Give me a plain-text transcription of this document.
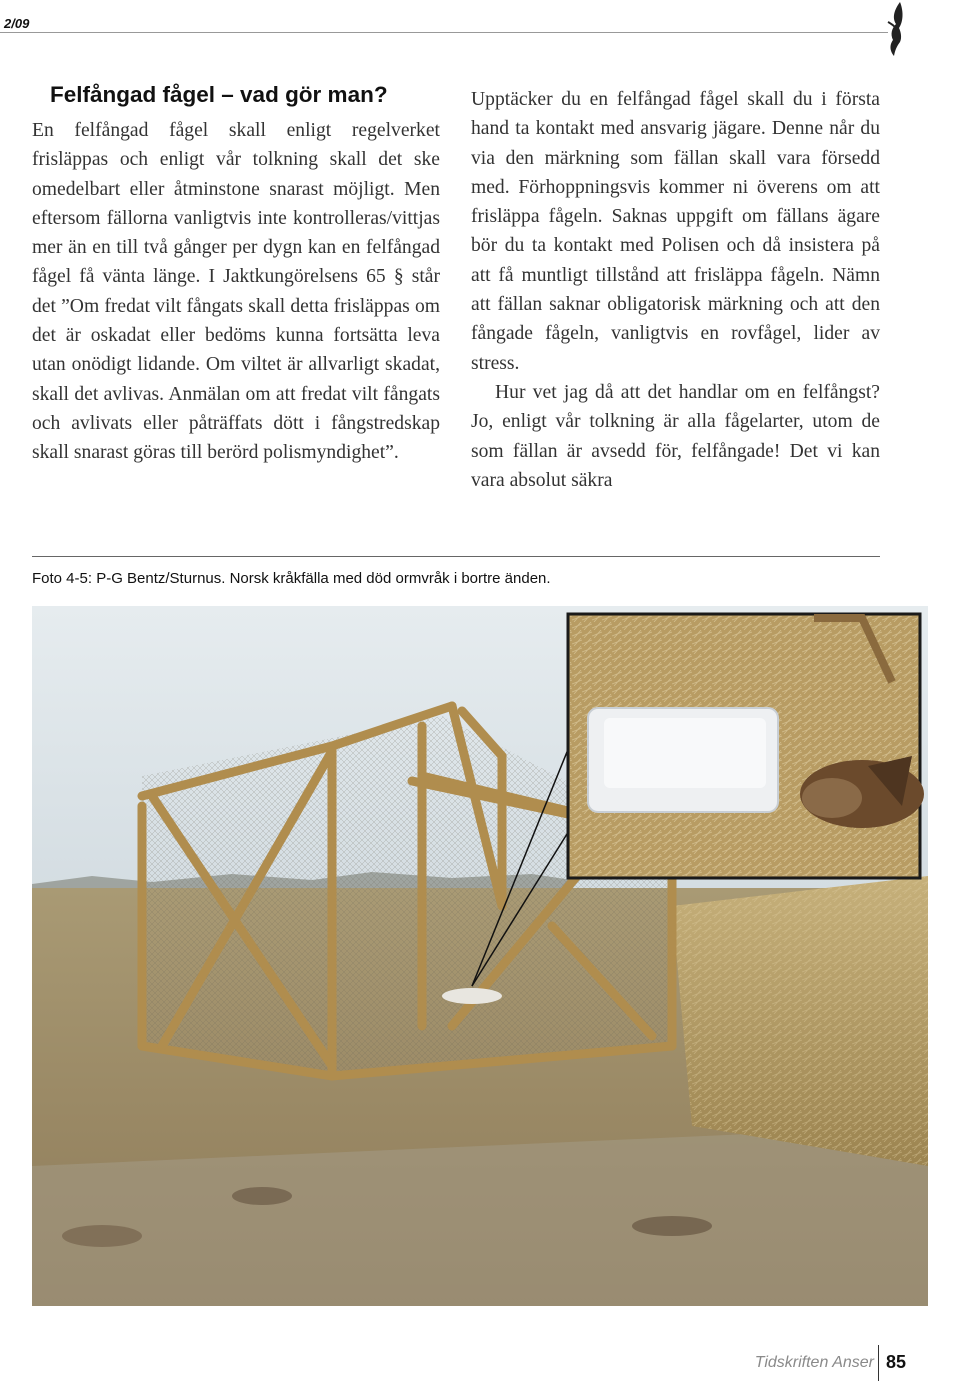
2/09
Felfångad fågel – vad gör man?

En felfångad fågel skall enligt regelverket frisläppas och enligt vår tolkning skall det ske omedelbart eller åtminstone snarast möjligt. Men eftersom fällorna vanligtvis inte kontrolleras/vittjas mer än en till två gånger per dygn kan en felfångad fågel få vänta länge. I Jaktkungörelsens 65 § står det ”Om fredat vilt fångats skall detta frisläppas om det är oskadat eller bedöms kunna fortsätta leva utan onödigt lidande. Om viltet är allvarligt skadat, skall det avlivas. Anmälan om att fredat vilt fångats och avlivats eller påträffats dött i fångstredskap skall snarast göras till berörd polismyndighet”.

Upptäcker du en felfångad fågel skall du i första hand ta kontakt med ansvarig jägare. Denne når du via den märkning som fällan skall vara försedd med. Förhoppningsvis kommer ni överens om att frisläppa fågeln. Saknas uppgift om fällans ägare bör du ta kontakt med Polisen och då insistera på att få muntligt tillstånd att frisläppa fågeln. Nämn att fällan saknar obligatorisk märkning och att den fångade fågeln, vanligtvis en rovfågel, lider av stress.

Hur vet jag då att det handlar om en felfångst? Jo, enligt vår tolkning är alla fågelarter, utom de som fällan är avsedd för, felfångade! Det vi kan vara absolut säkra

Foto 4-5: P-G Bentz/Sturnus. Norsk kråkfälla med död ormvråk i bortre änden.
Tidskriften Anser 85
